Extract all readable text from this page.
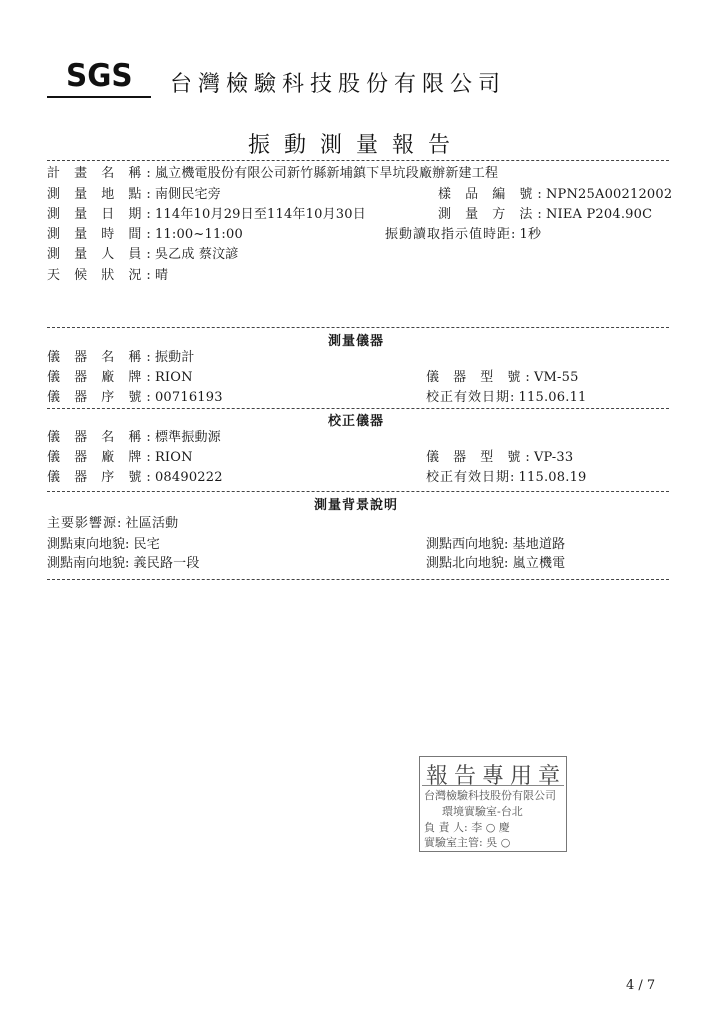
SGS 台灣檢驗科技股份有限公司
振動測量報告
計 畫 名 稱: 嵐立機電股份有限公司新竹縣新埔鎮下旱坑段廠辦新建工程
測 量 地 點: 南側民宅旁	樣 品 編 號: NPN25A00212002
測 量 日 期: 114年10月29日至114年10月30日	測 量 方 法: NIEA P204.90C
測 量 時 間: 11:00~11:00	振動讀取指示值時距: 1秒
測 量 人 員: 吳乙成 蔡汶諺
天 候 狀 況: 晴
測量儀器
儀 器 名 稱: 振動計
儀 器 廠 牌: RION	儀 器 型 號: VM-55
儀 器 序 號: 00716193	校正有效日期: 115.06.11
校正儀器
儀 器 名 稱: 標準振動源
儀 器 廠 牌: RION	儀 器 型 號: VP-33
儀 器 序 號: 08490222	校正有效日期: 115.08.19
測量背景說明
主要影響源: 社區活動
測點東向地貌: 民宅	測點西向地貌: 基地道路
測點南向地貌: 義民路一段	測點北向地貌: 嵐立機電
報告專用章
台灣檢驗科技股份有限公司
環境實驗室-台北
負 責 人: 李 ○ 慶
實驗室主管: 吳 ○
4 / 7
